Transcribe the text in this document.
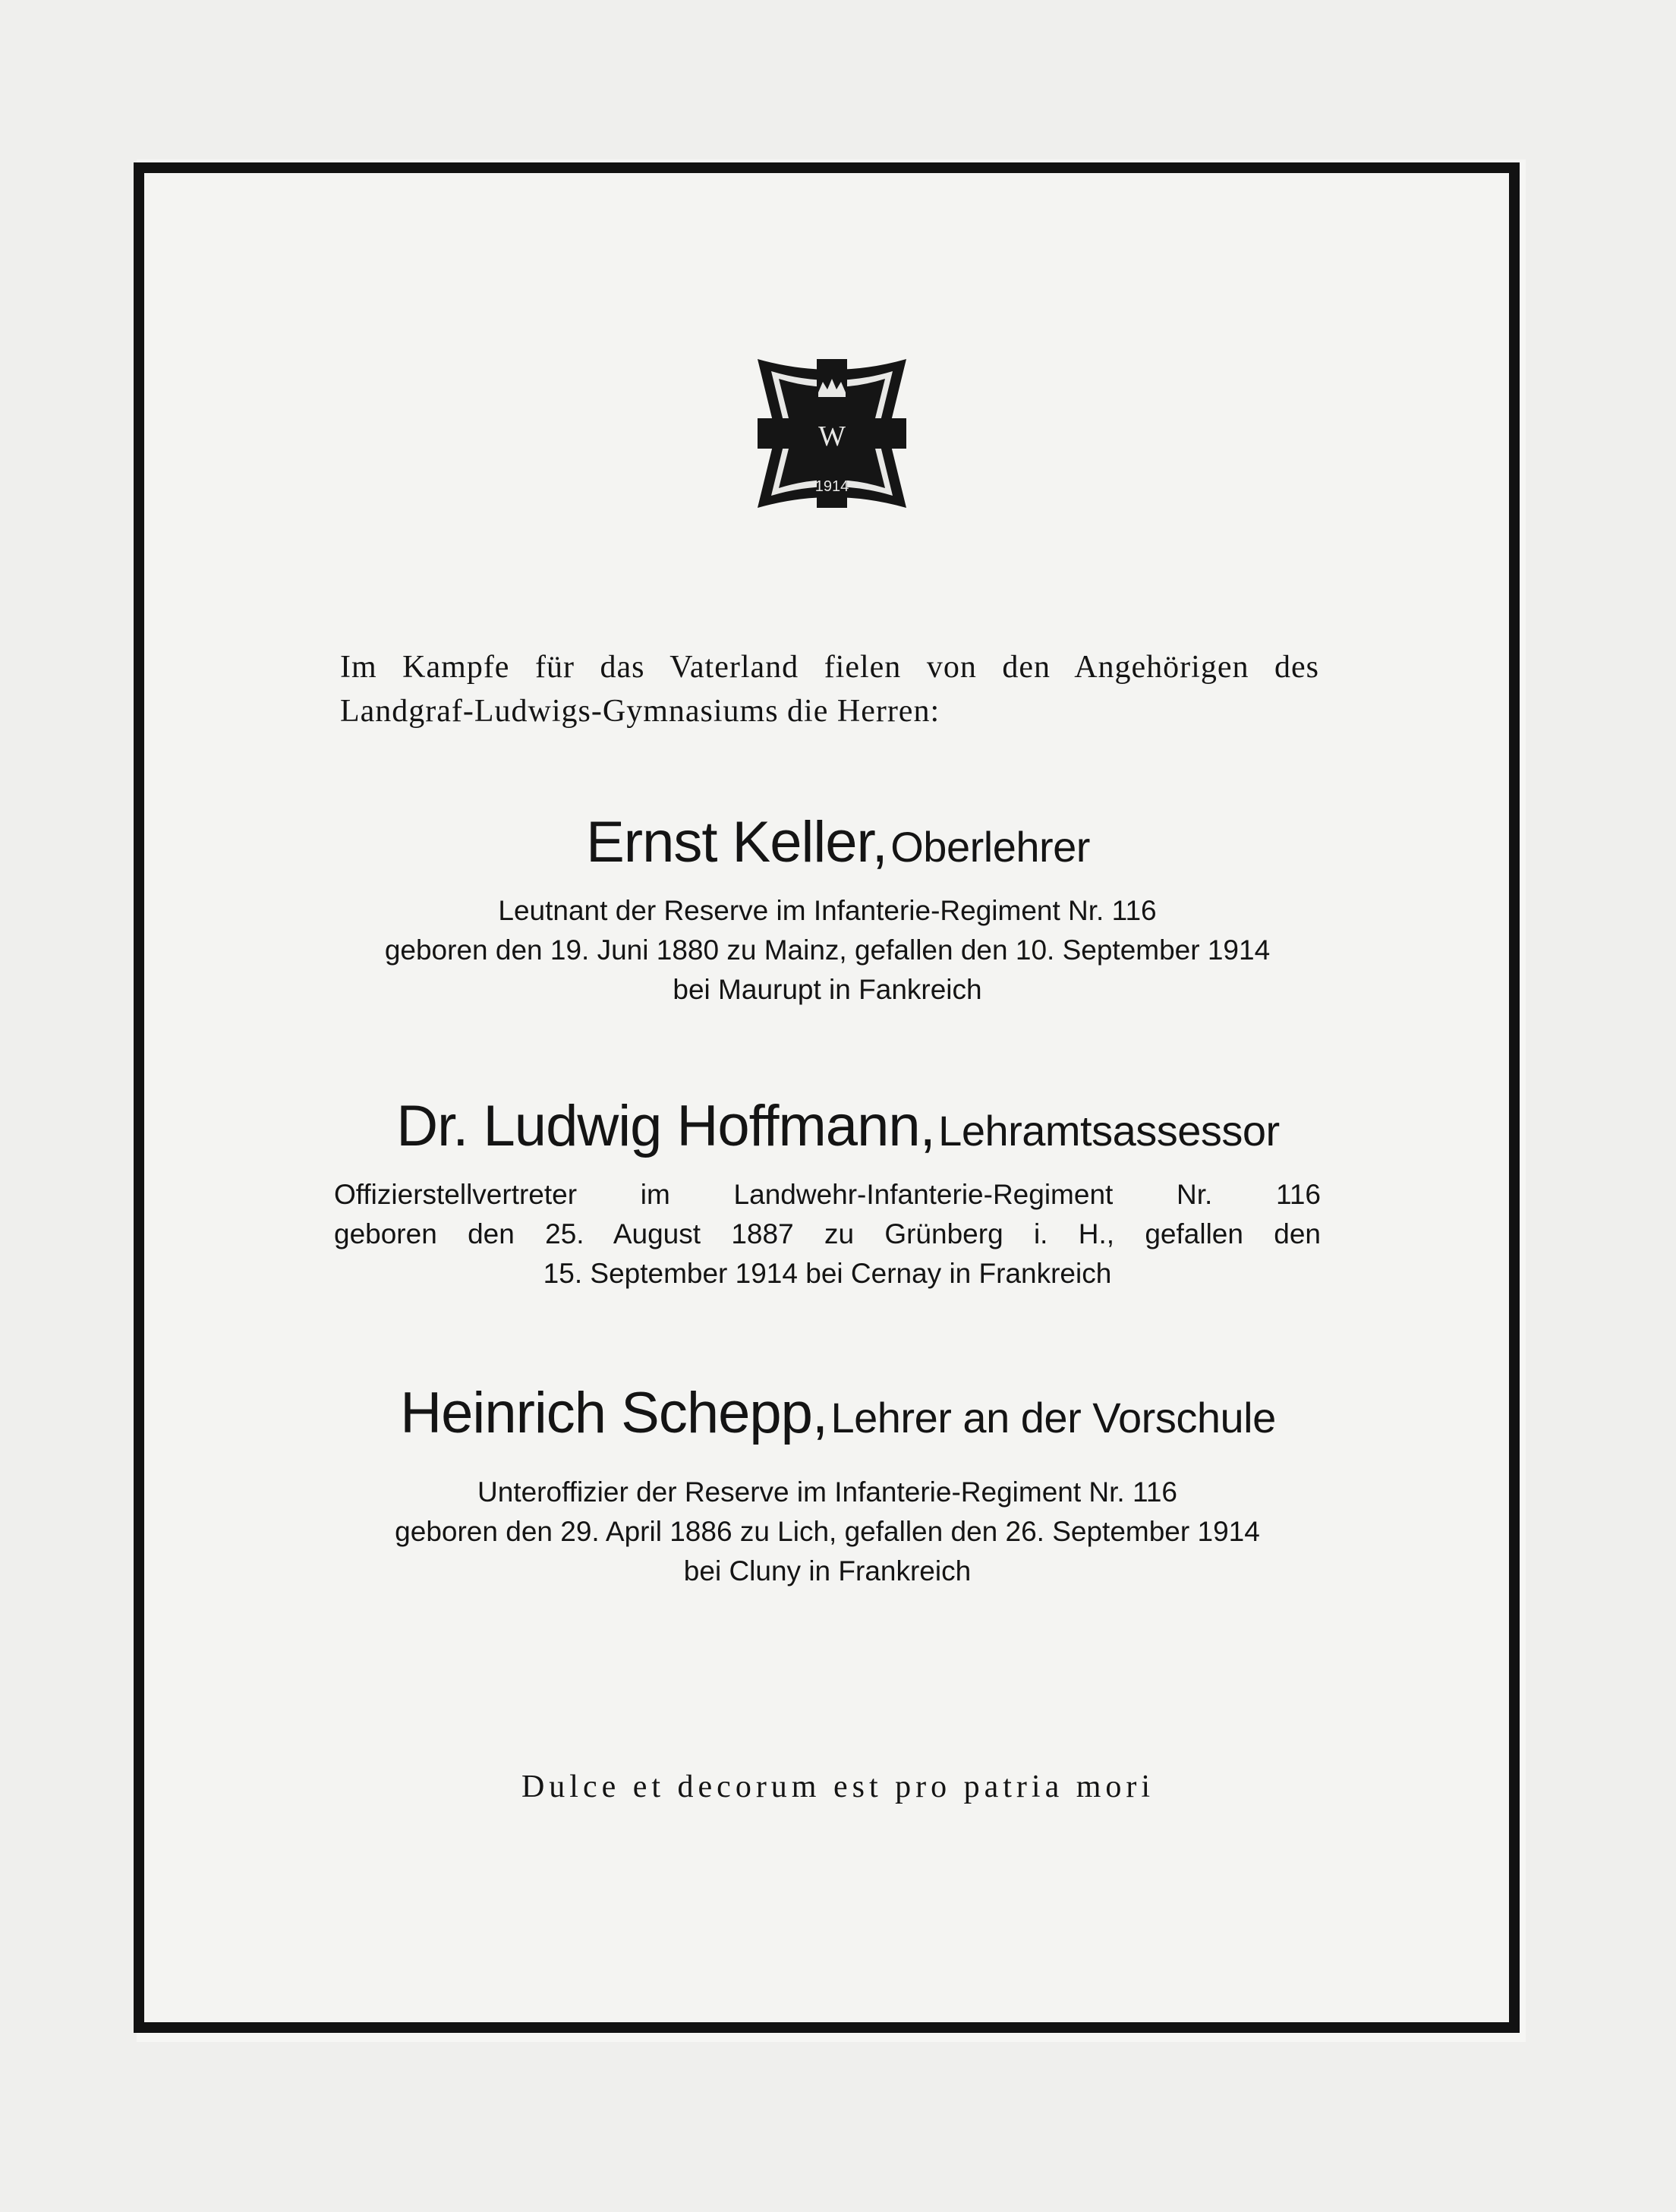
W
1914
Im Kampfe für das Vaterland fielen von den Angehörigen des
Landgraf-Ludwigs-Gymnasiums die Herren:
Ernst Keller, Oberlehrer
Leutnant der Reserve im Infanterie-Regiment Nr. 116
geboren den 19. Juni 1880 zu Mainz, gefallen den 10. September 1914
bei Maurupt in Fankreich
Dr. Ludwig Hoffmann, Lehramtsassessor
Offizierstellvertreter im Landwehr-Infanterie-Regiment Nr. 116
geboren den 25. August 1887 zu Grünberg i. H., gefallen den
15. September 1914 bei Cernay in Frankreich
Heinrich Schepp, Lehrer an der Vorschule
Unteroffizier der Reserve im Infanterie-Regiment Nr. 116
geboren den 29. April 1886 zu Lich, gefallen den 26. September 1914
bei Cluny in Frankreich
Dulce et decorum est pro patria mori
